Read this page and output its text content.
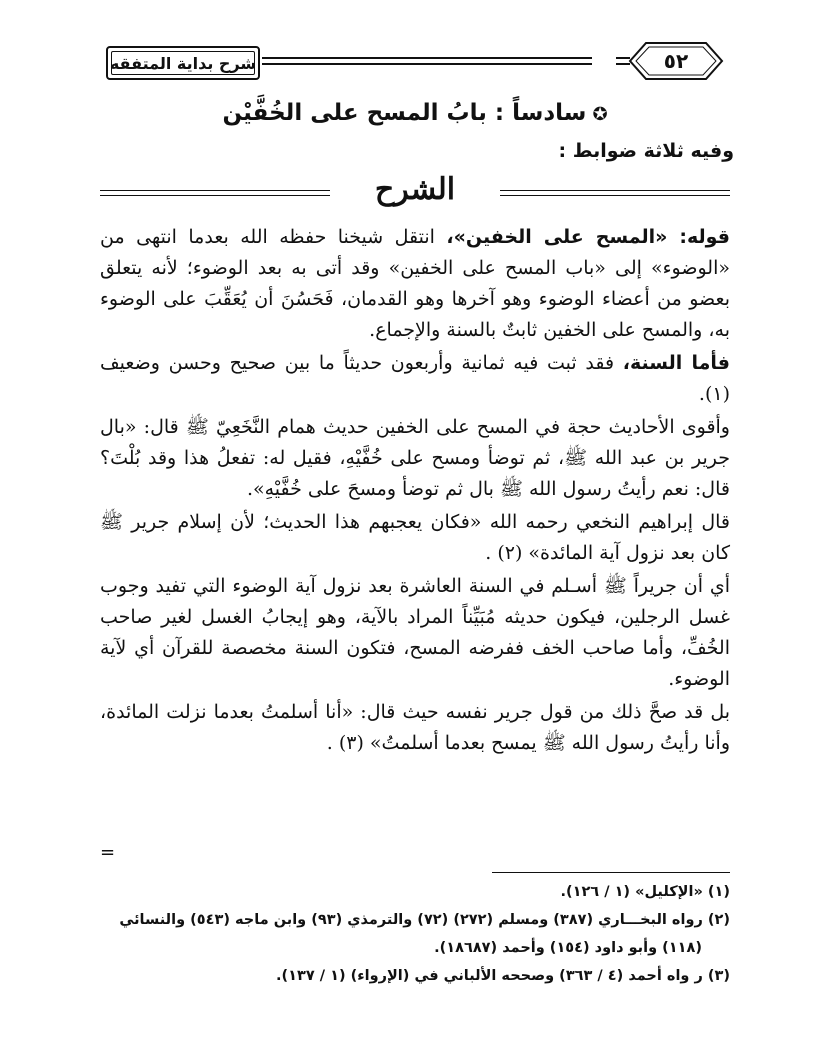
شرح بداية المتفقه	٥٢
✪سادساً : بابُ المسح على الخُفَّيْن
وفيه ثلاثة ضوابط :
الشرح

قوله: «المسح على الخفين»، انتقل شيخنا حفظه الله بعدما انتهى من «الوضوء» إلى «باب المسح على الخفين» وقد أتى به بعد الوضوء؛ لأنه يتعلق بعضو من أعضاء الوضوء وهو آخرها وهو القدمان، فَحَسُنَ أن يُعَقِّبَ على الوضوء به، والمسح على الخفين ثابتٌ بالسنة والإجماع.

فأما السنة، فقد ثبت فيه ثمانية وأربعون حديثاً ما بين صحيح وحسن وضعيف (١).

وأقوى الأحاديث حجة في المسح على الخفين حديث همام النَّخَعِيّ ﷺ قال: «بال جرير بن عبد الله ﷺ، ثم توضأ ومسح على خُفَّيْهِ، فقيل له: تفعلُ هذا وقد بُلْتَ؟ قال: نعم رأيتُ رسول الله ﷺ بال ثم توضأ ومسحَ على خُفَّيْهِ».

قال إبراهيم النخعي رحمه الله «فكان يعجبهم هذا الحديث؛ لأن إسلام جرير ﷺ كان بعد نزول آية المائدة» (٢) .

أي أن جريراً ﷺ أسـلم في السنة العاشرة بعد نزول آية الوضوء التي تفيد وجوب غسل الرجلين، فيكون حديثه مُبَيِّناً المراد بالآية، وهو إيجابُ الغسل لغير صاحب الخُفِّ، وأما صاحب الخف ففرضه المسح، فتكون السنة مخصصة للقرآن أي لآية الوضوء.

بل قد صحَّ ذلك من قول جرير نفسه حيث قال: «أنا أسلمتُ بعدما نزلت المائدة، وأنا رأيتُ رسول الله ﷺ يمسح بعدما أسلمتُ» (٣) .

=

(١) «الإكليل» (١ / ١٢٦).

(٢) رواه البخـــاري (٣٨٧) ومسلم (٢٧٢) (٧٢) والترمذي (٩٣) وابن ماجه (٥٤٣) والنسائي

(١١٨) وأبو داود (١٥٤) وأحمد (١٨٦٨٧).

(٣) ر واه أحمد (٤ / ٣٦٣) وصححه الألباني في (الإرواء) (١ / ١٣٧).
